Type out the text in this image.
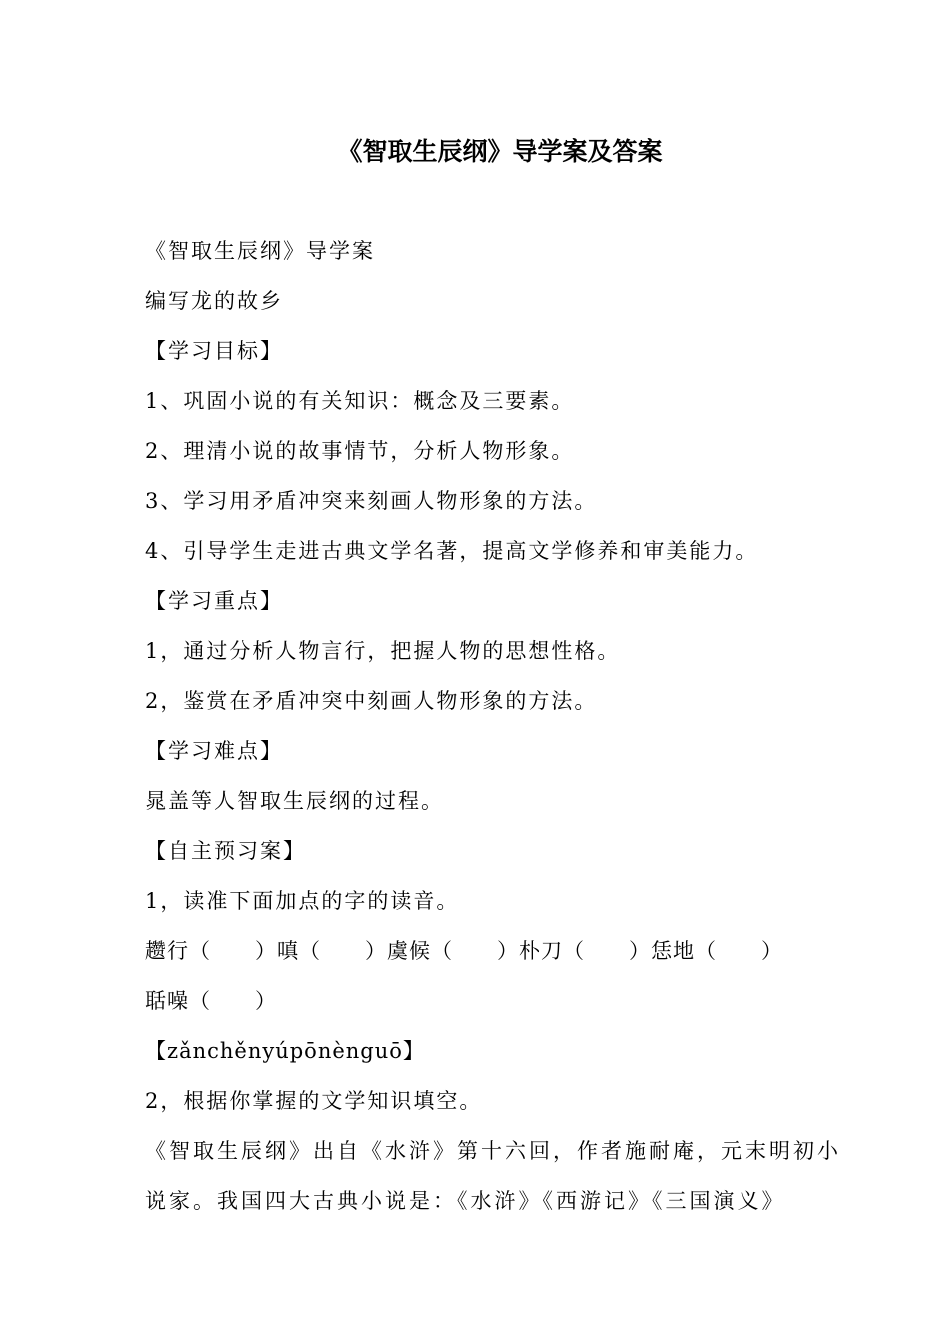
《智取生辰纲》导学案及答案
《智取生辰纲》导学案
编写龙的故乡
【学习目标】
1、巩固小说的有关知识：概念及三要素。
2、理清小说的故事情节，分析人物形象。
3、学习用矛盾冲突来刻画人物形象的方法。
4、引导学生走进古典文学名著，提高文学修养和审美能力。
【学习重点】
1，通过分析人物言行，把握人物的思想性格。
2，鉴赏在矛盾冲突中刻画人物形象的方法。
【学习难点】
晁盖等人智取生辰纲的过程。
【自主预习案】
1，读准下面加点的字的读音。
趱行（　　）嗔（　　）虞候（　　）朴刀（　　）恁地（　　）
聒噪（　　）
【zǎnchěnyúpōnènguō】
2，根据你掌握的文学知识填空。
《智取生辰纲》出自《水浒》第十六回，作者施耐庵，元末明初小
说家。我国四大古典小说是：《水浒》《西游记》《三国演义》
